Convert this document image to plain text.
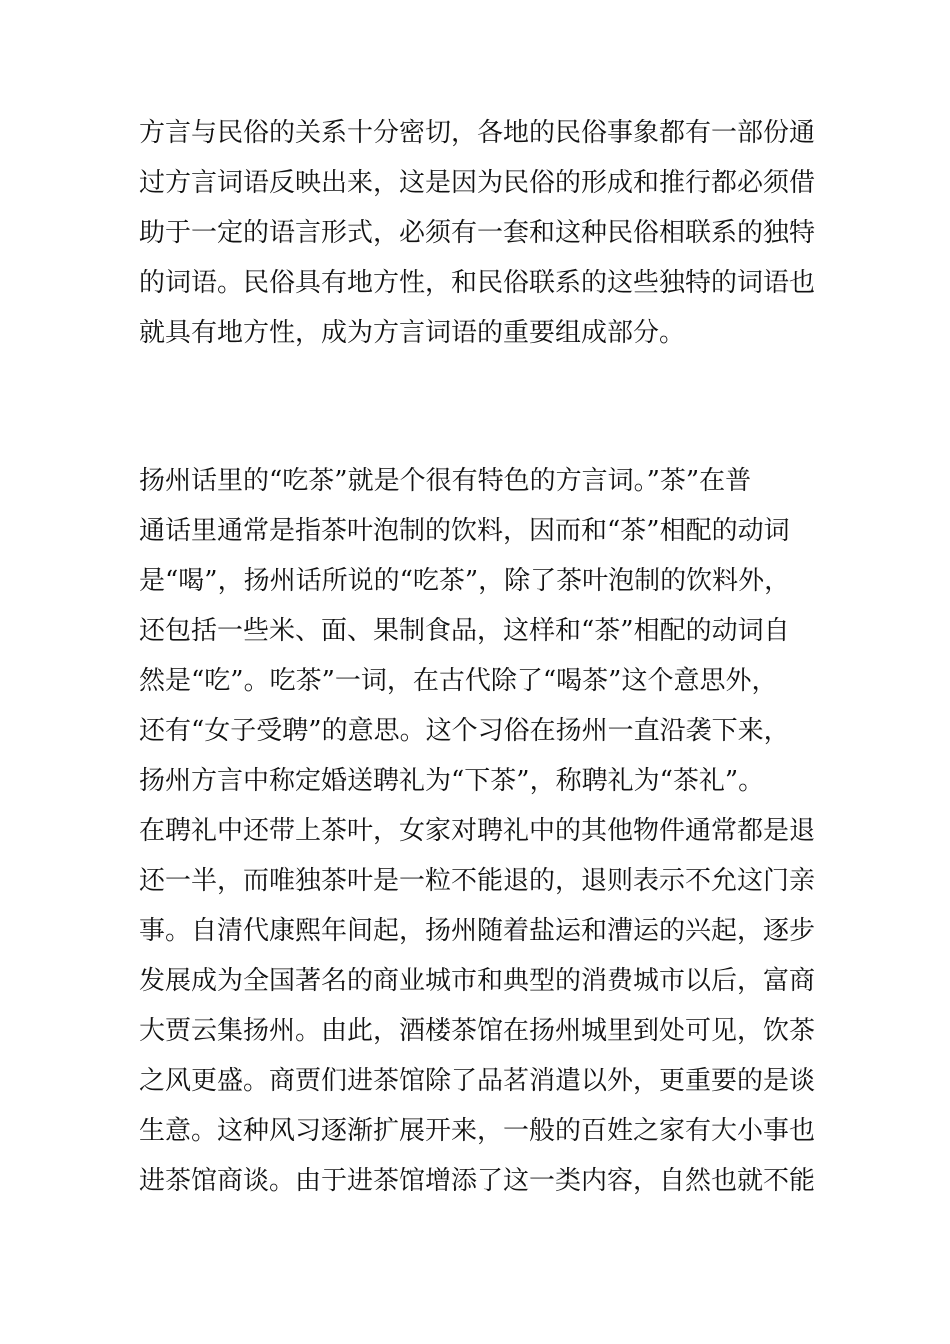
方言与民俗的关系十分密切，各地的民俗事象都有一部份通
过方言词语反映出来，这是因为民俗的形成和推行都必须借
助于一定的语言形式，必须有一套和这种民俗相联系的独特
的词语。民俗具有地方性，和民俗联系的这些独特的词语也
就具有地方性，成为方言词语的重要组成部分。
扬州话里的“吃茶”就是个很有特色的方言词。”茶”在普
通话里通常是指茶叶泡制的饮料，因而和“茶”相配的动词
是“喝”，扬州话所说的“吃茶”，除了茶叶泡制的饮料外，
还包括一些米、面、果制食品，这样和“茶”相配的动词自
然是“吃”。吃茶”一词，在古代除了“喝茶”这个意思外，
还有“女子受聘”的意思。这个习俗在扬州一直沿袭下来，
扬州方言中称定婚送聘礼为“下茶”，称聘礼为“茶礼”。
在聘礼中还带上茶叶，女家对聘礼中的其他物件通常都是退
还一半，而唯独茶叶是一粒不能退的，退则表示不允这门亲
事。自清代康熙年间起，扬州随着盐运和漕运的兴起，逐步
发展成为全国著名的商业城市和典型的消费城市以后，富商
大贾云集扬州。由此，酒楼茶馆在扬州城里到处可见，饮茶
之风更盛。商贾们进茶馆除了品茗消遣以外，更重要的是谈
生意。这种风习逐渐扩展开来，一般的百姓之家有大小事也
进茶馆商谈。由于进茶馆增添了这一类内容，自然也就不能
